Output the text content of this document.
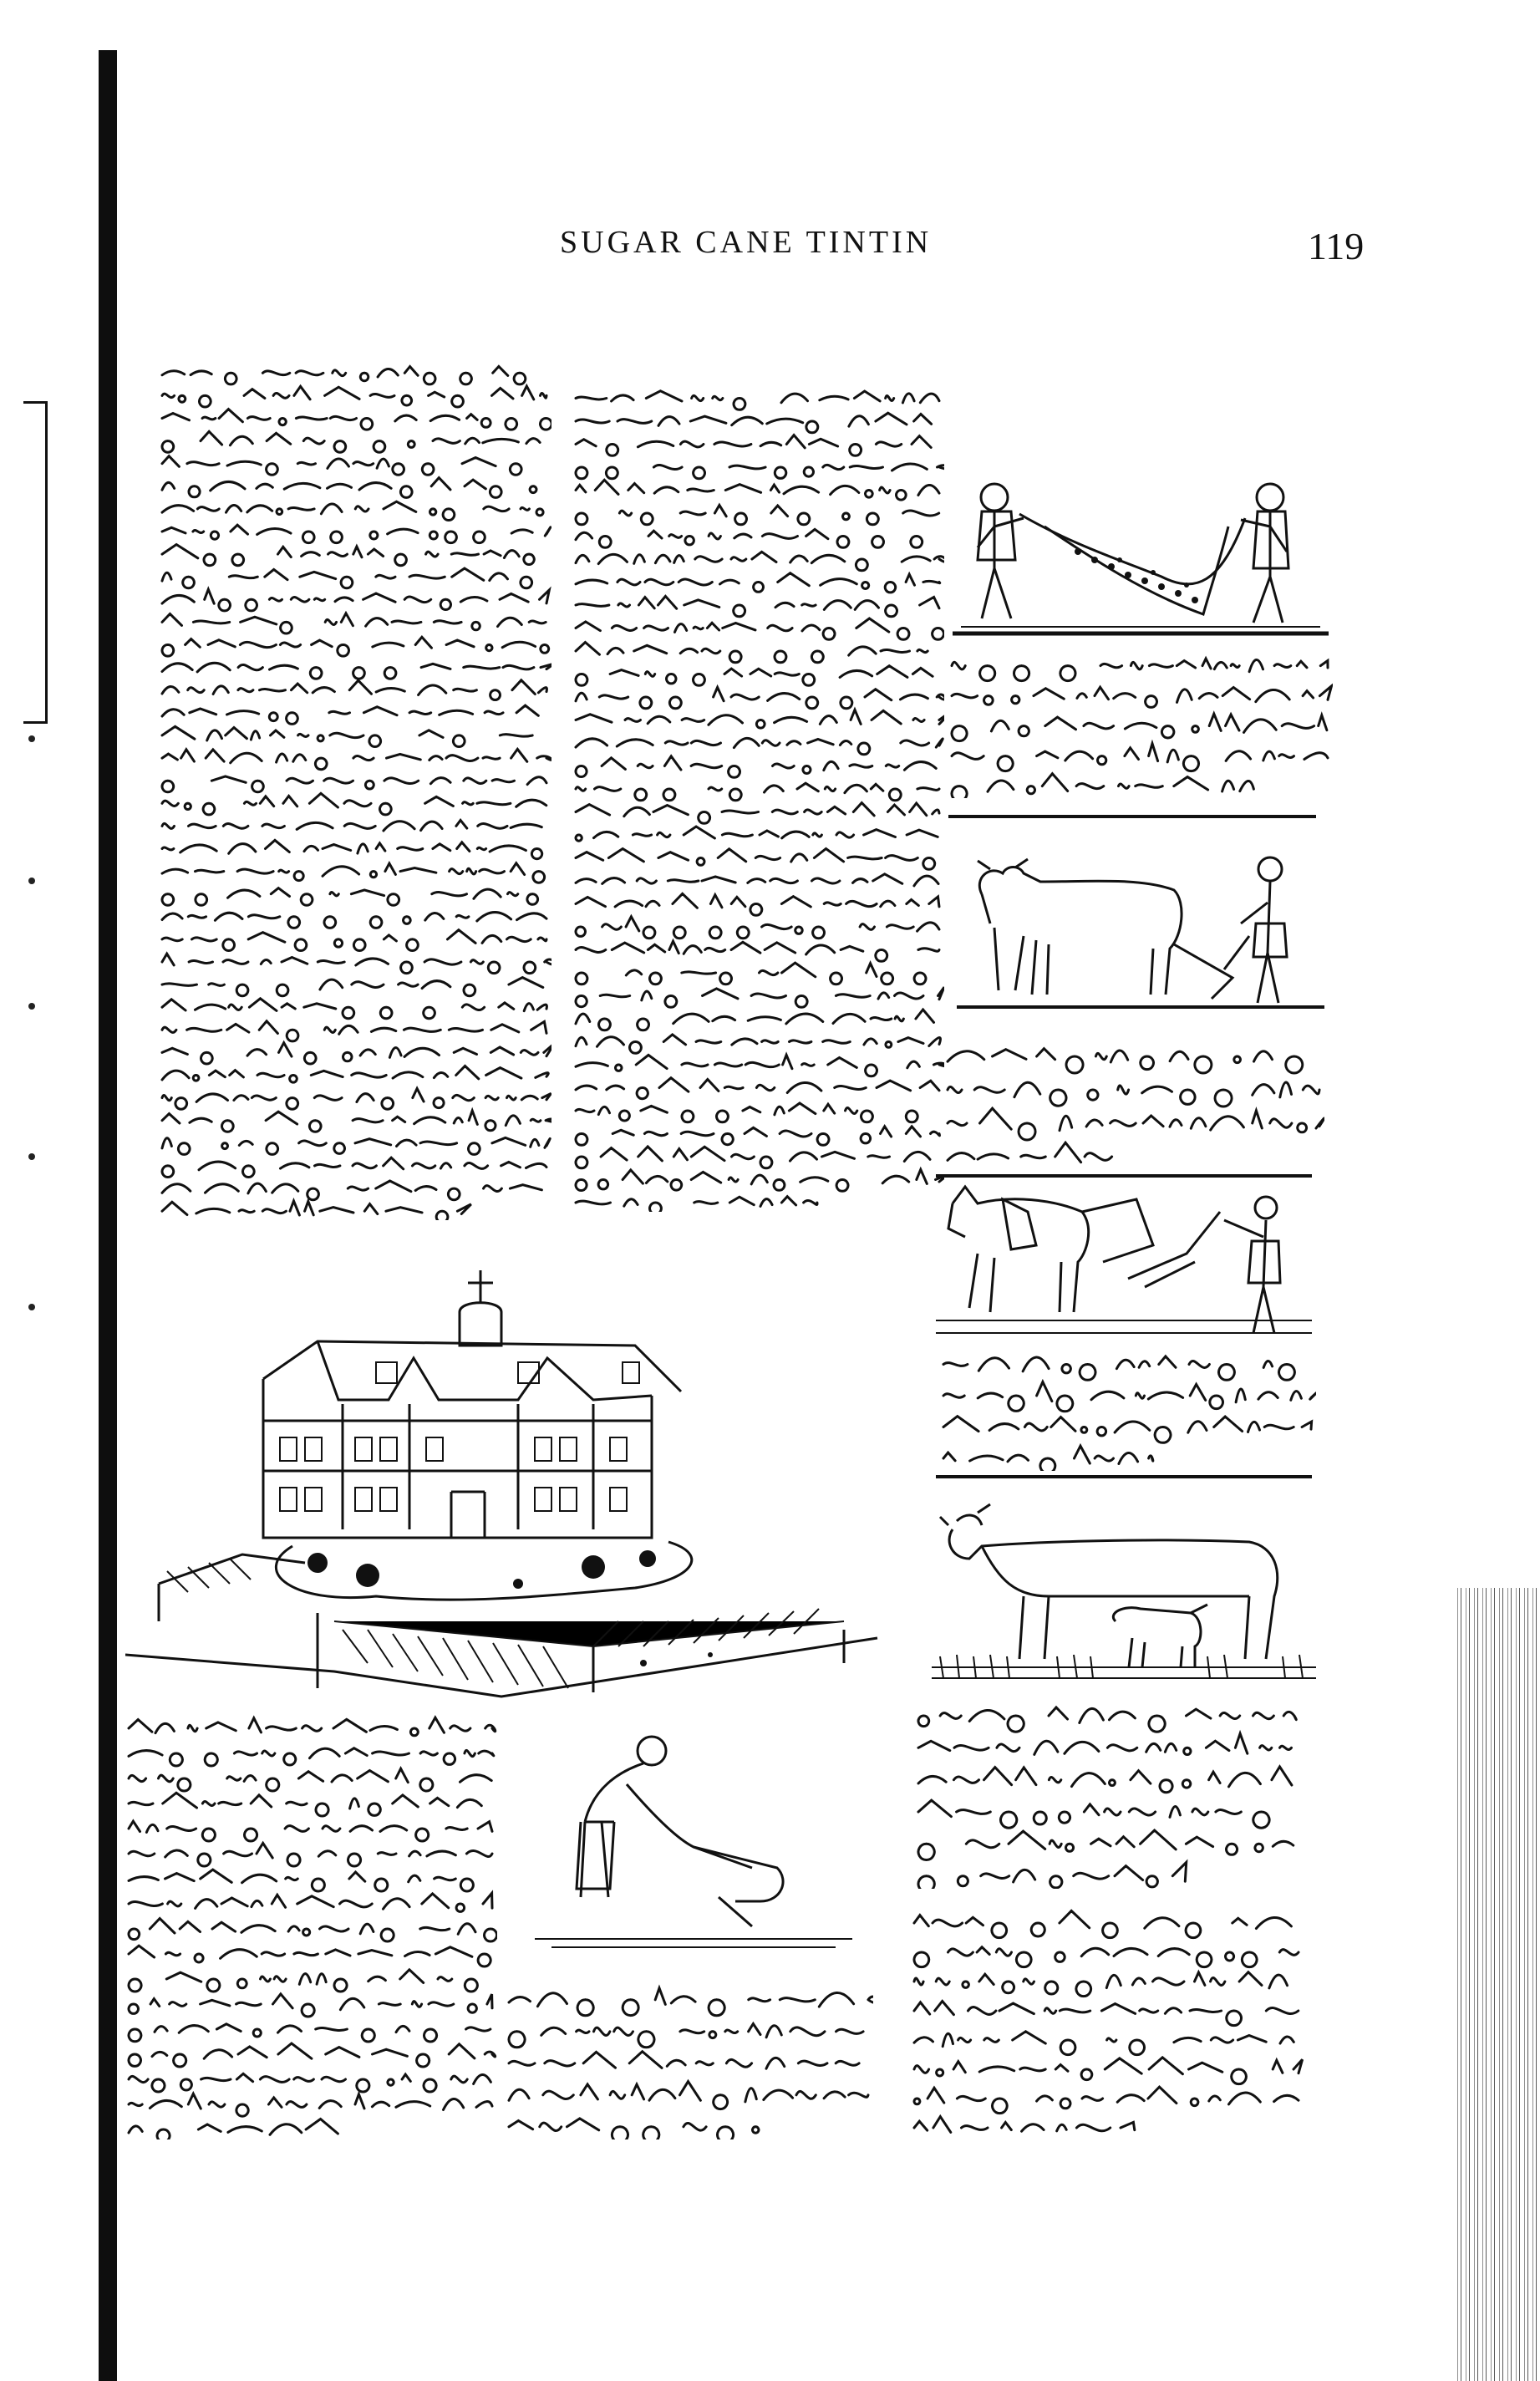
SUGAR CANE TINTIN	119
